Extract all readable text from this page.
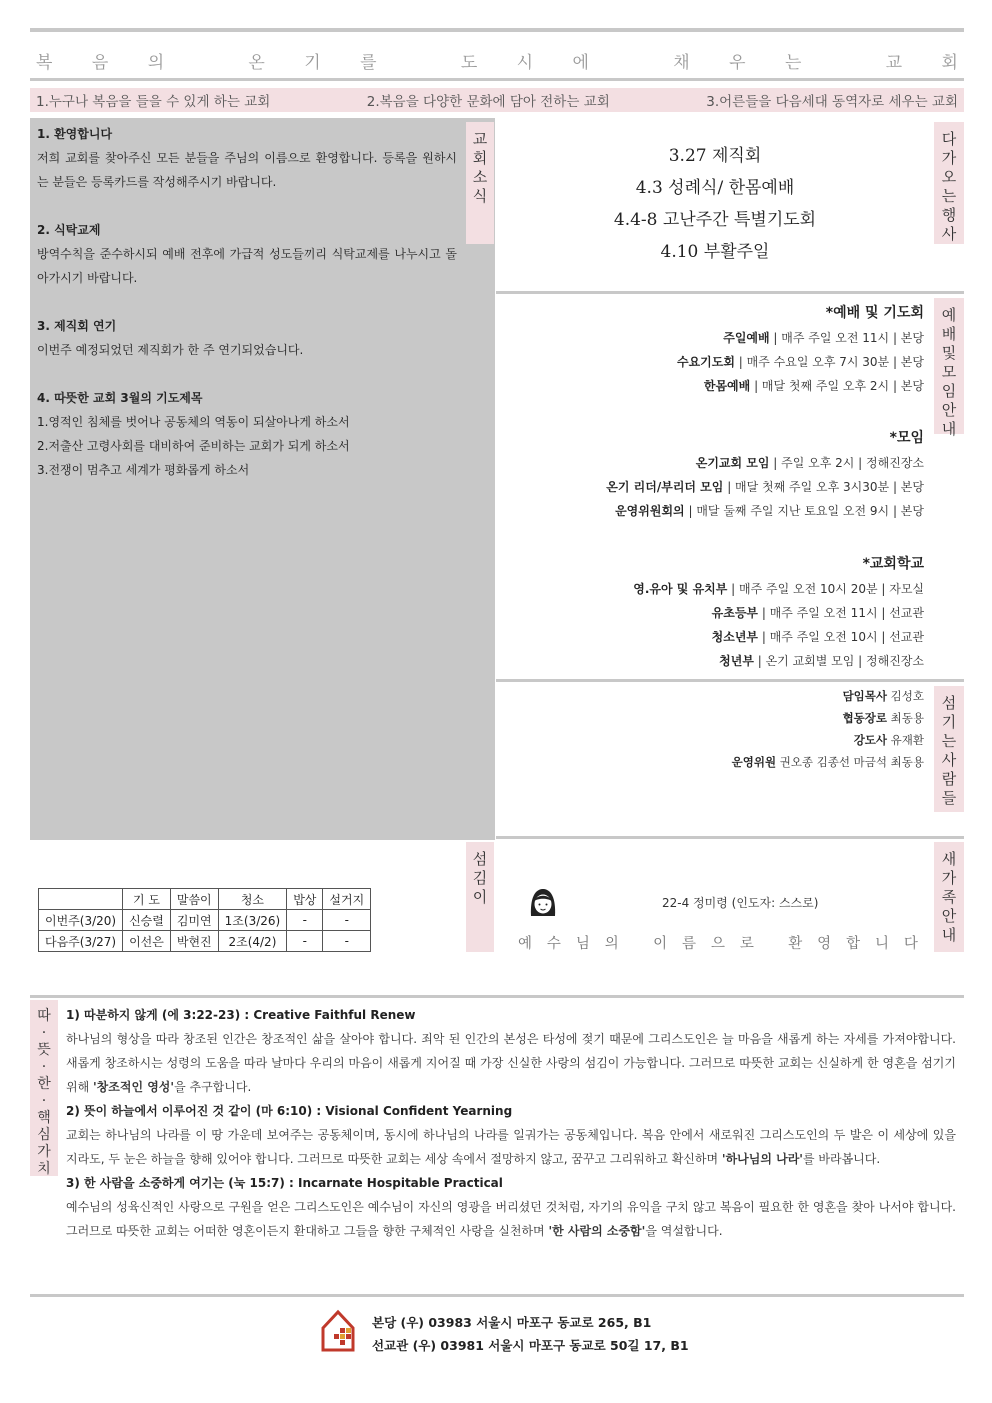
복 음 의
	온 기 를
	도 시 에
	채 우 는
	교 회
1.누구나 복음을 들을 수 있게 하는 교회	2.복음을 다양한 문화에 담아 전하는 교회	3.어른들을 다음세대 동역자로 세우는 교회

1. 환영합니다

저희 교회를 찾아주신 모든 분들을 주님의 이름으로 환영합니다. 등록을 원하시는 분들은 등록카드를 작성해주시기 바랍니다.

2. 식탁교제

방역수칙을 준수하시되 예배 전후에 가급적 성도들끼리 식탁교제를 나누시고 돌아가시기 바랍니다.

3. 제직회 연기

이번주 예정되었던 제직회가 한 주 연기되었습니다.

4. 따뜻한 교회 3월의 기도제목

1.영적인 침체를 벗어나 공동체의 역동이 되살아나게 하소서

2.저출산 고령사회를 대비하여 준비하는 교회가 되게 하소서

3.전쟁이 멈추고 세계가 평화롭게 하소서

교
회
소
식
다
가
오
는
행
사
예
배
및
모
임
안
내
섬
기
는
사
람
들
섬
김
이
새
가
족
안
내
따
·
뜻
·
한
·
핵
심
가
치
3.27 제직회
4.3 성례식/ 한몸예배
4.4-8 고난주간 특별기도회
4.10 부활주일
*예배 및 기도회
주일예배 | 매주 주일 오전 11시 | 본당
수요기도회 | 매주 수요일 오후 7시 30분 | 본당
한몸예배 | 매달 첫째 주일 오후 2시 | 본당
*모임
온기교회 모임 | 주일 오후 2시 | 정해진장소
온기 리더/부리더 모임 | 매달 첫째 주일 오후 3시30분 | 본당
운영위원회의 | 매달 둘째 주일 지난 토요일 오전 9시 | 본당
*교회학교
영.유아 및 유치부 | 매주 주일 오전 10시 20분 | 자모실
유초등부 | 매주 주일 오전 11시 | 선교관
청소년부 | 매주 주일 오전 10시 | 선교관
청년부 | 온기 교회별 모임 | 정해진장소
담임목사 김성호
협동장로 최동용
강도사 유재환
운영위원 권오종 김종선 마금석 최동용
	기 도	말씀이	청소	밥상	설거지
이번주(3/20)	신승렬	김미연	1조(3/26)	-	-
다음주(3/27)	이선은	박현진	2조(4/2)	-	-
22-4 정미령 (인도자: 스스로)
예 수 님 의
이 름 으 로
환 영 합 니 다

1) 따분하지 않게 (에 3:22-23) : Creative Faithful Renew

하나님의 형상을 따라 창조된 인간은 창조적인 삶을 살아야 합니다. 죄악 된 인간의 본성은 타성에 젖기 때문에 그리스도인은 늘 마음을 새롭게 하는 자세를 가져야합니다. 새롭게 창조하시는 성령의 도움을 따라 날마다 우리의 마음이 새롭게 지어질 때 가장 신실한 사랑의 섬김이 가능합니다. 그러므로 따뜻한 교회는 신실하게 한 영혼을 섬기기 위해 '창조적인 영성'을 추구합니다.

2) 뜻이 하늘에서 이루어진 것 같이 (마 6:10) : Visional Confident Yearning

교회는 하나님의 나라를 이 땅 가운데 보여주는 공동체이며, 동시에 하나님의 나라를 일궈가는 공동체입니다. 복음 안에서 새로워진 그리스도인의 두 발은 이 세상에 있을 지라도, 두 눈은 하늘을 향해 있어야 합니다. 그러므로 따뜻한 교회는 세상 속에서 절망하지 않고, 꿈꾸고 그리워하고 확신하며 '하나님의 나라'를 바라봅니다.

3) 한 사람을 소중하게 여기는 (눅 15:7) : Incarnate Hospitable Practical

예수님의 성육신적인 사랑으로 구원을 얻은 그리스도인은 예수님이 자신의 영광을 버리셨던 것처럼, 자기의 유익을 구치 않고 복음이 필요한 한 영혼을 찾아 나서야 합니다. 그러므로 따뜻한 교회는 어떠한 영혼이든지 환대하고 그들을 향한 구체적인 사랑을 실천하며 '한 사람의 소중함'을 역설합니다.

본당 (우) 03983 서울시 마포구 동교로 265, B1
선교관 (우) 03981 서울시 마포구 동교로 50길 17, B1
